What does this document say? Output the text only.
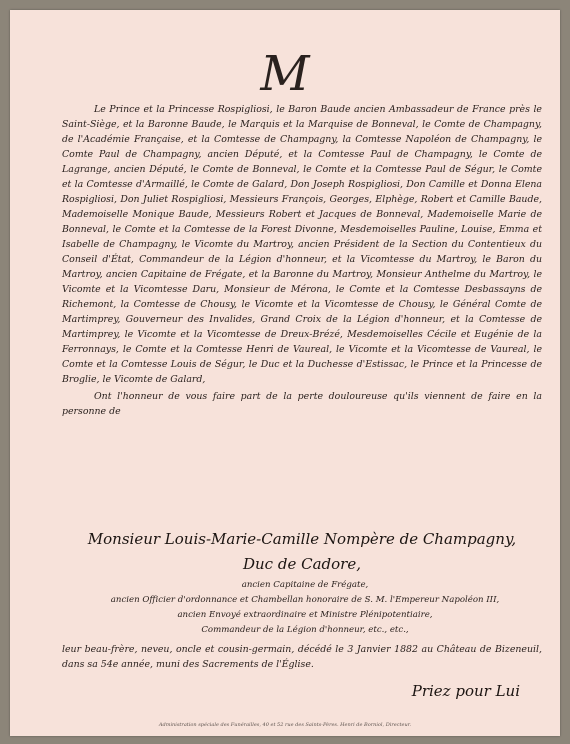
M

Le Prince et la Princesse Rospigliosi, le Baron Baude ancien Ambassadeur de France près le Saint-Siège, et la Baronne Baude, le Marquis et la Marquise de Bonneval, le Comte de Champagny, de l'Académie Française, et la Comtesse de Champagny, la Comtesse Napoléon de Champagny, le Comte Paul de Champagny, ancien Député, et la Comtesse Paul de Champagny, le Comte de Lagrange, ancien Député, le Comte de Bonneval, le Comte et la Comtesse Paul de Ségur, le Comte et la Comtesse d'Armaillé, le Comte de Galard, Don Joseph Rospigliosi, Don Camille et Donna Elena Rospigliosi, Don Juliet Rospigliosi, Messieurs François, Georges, Elphège, Robert et Camille Baude, Mademoiselle Monique Baude, Messieurs Robert et Jacques de Bonneval, Mademoiselle Marie de Bonneval, le Comte et la Comtesse de la Forest Divonne, Mesdemoiselles Pauline, Louise, Emma et Isabelle de Champagny, le Vicomte du Martroy, ancien Président de la Section du Contentieux du Conseil d'État, Commandeur de la Légion d'honneur, et la Vicomtesse du Martroy, le Baron du Martroy, ancien Capitaine de Frégate, et la Baronne du Martroy, Monsieur Anthelme du Martroy, le Vicomte et la Vicomtesse Daru, Monsieur de Mérona, le Comte et la Comtesse Desbassayns de Richemont, la Comtesse de Chousy, le Vicomte et la Vicomtesse de Chousy, le Général Comte de Martimprey, Gouverneur des Invalides, Grand Croix de la Légion d'honneur, et la Comtesse de Martimprey, le Vicomte et la Vicomtesse de Dreux-Brézé, Mesdemoiselles Cécile et Eugénie de la Ferronnays, le Comte et la Comtesse Henri de Vaureal, le Vicomte et la Vicomtesse de Vaureal, le Comte et la Comtesse Louis de Ségur, le Duc et la Duchesse d'Estissac, le Prince et la Princesse de Broglie, le Vicomte de Galard,

Ont l'honneur de vous faire part de la perte douloureuse qu'ils viennent de faire en la personne de

Monsieur Louis-Marie-Camille Nompère de Champagny,
Duc de Cadore,
ancien Capitaine de Frégate,
ancien Officier d'ordonnance et Chambellan honoraire de S. M. l'Empereur Napoléon III,
ancien Envoyé extraordinaire et Ministre Plénipotentiaire,
Commandeur de la Légion d'honneur, etc., etc.,
leur beau-frère, neveu, oncle et cousin-germain, décédé le 3 Janvier 1882 au Château de Bizeneuil, dans sa 54e année, muni des Sacrements de l'Église.
Priez pour Lui
Administration spéciale des Funérailles, 40 et 52 rue des Saints-Pères. Henri de Borniol, Directeur.
